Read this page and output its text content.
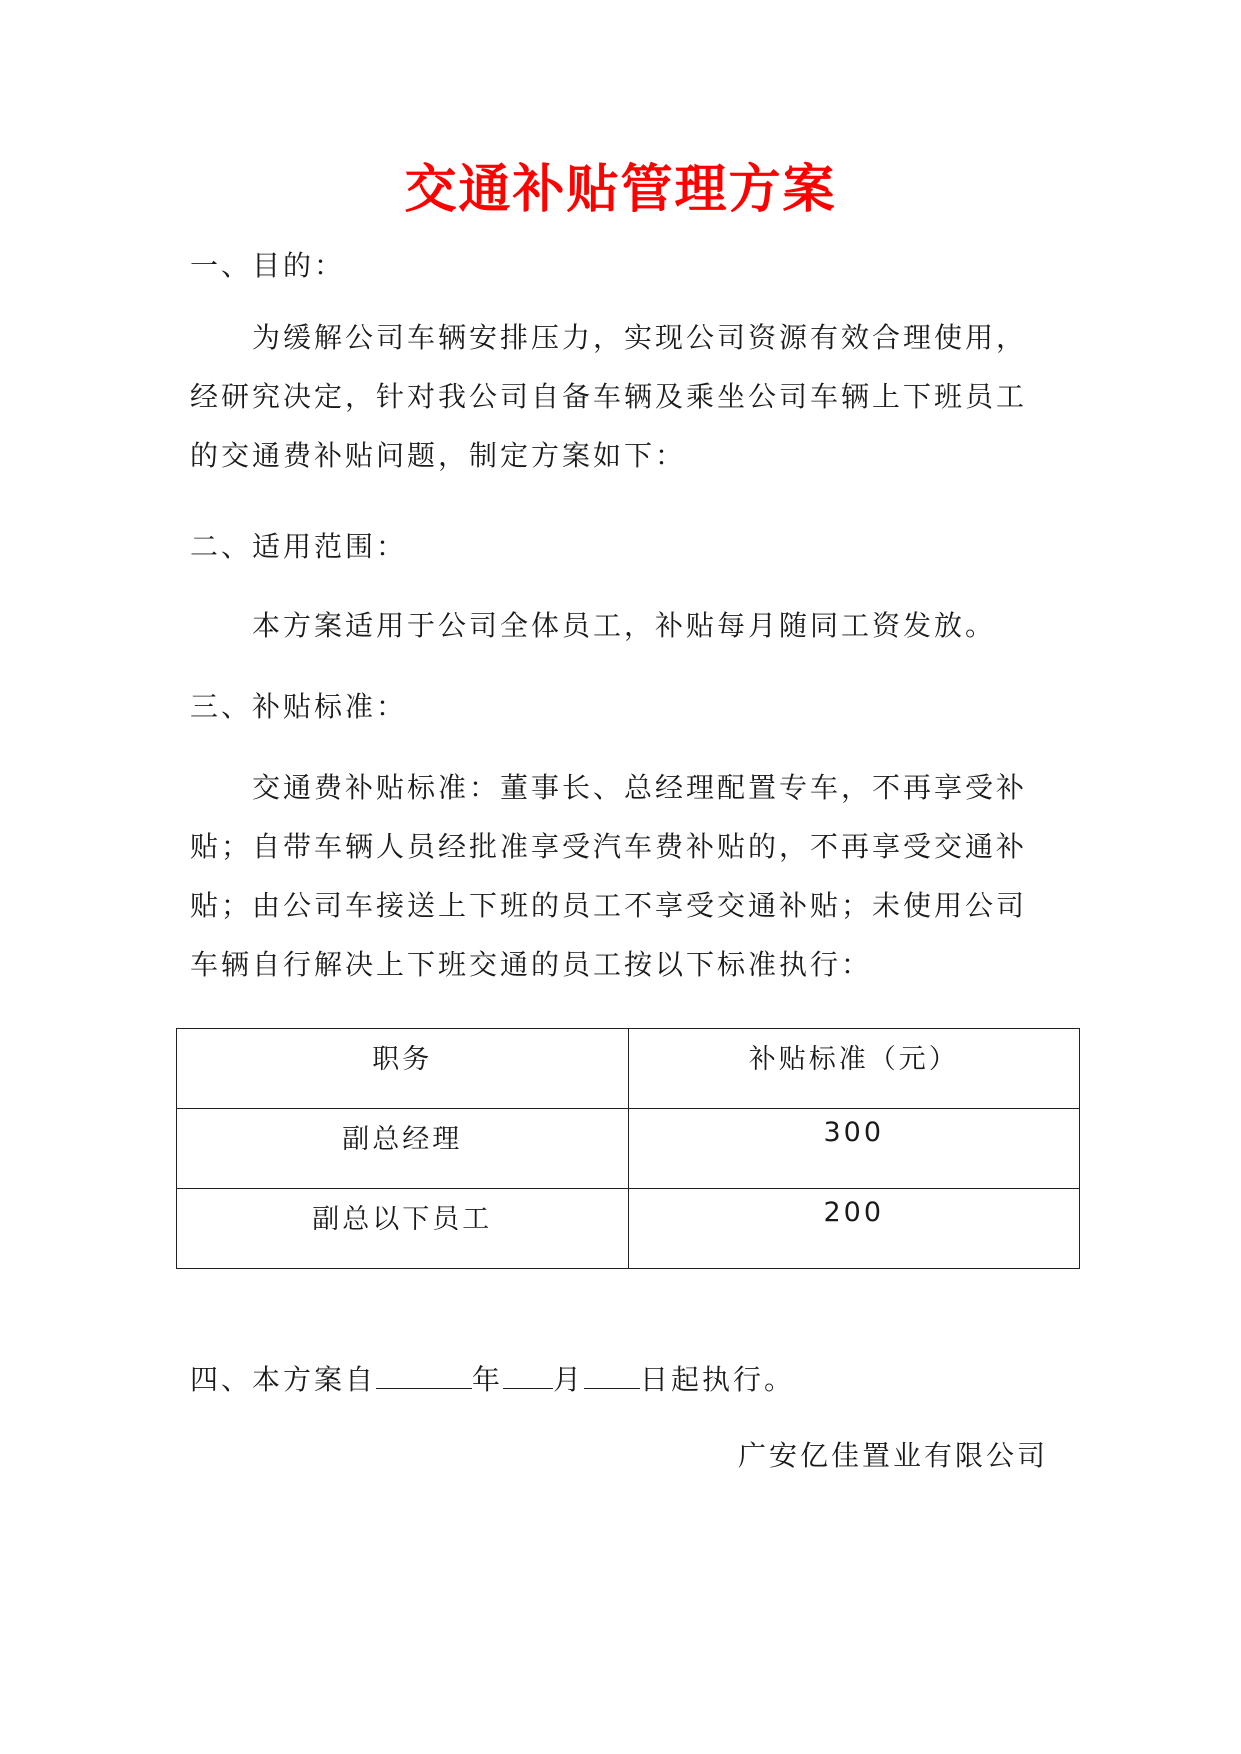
交通补贴管理方案
一、目的：
为缓解公司车辆安排压力，实现公司资源有效合理使用，
经研究决定，针对我公司自备车辆及乘坐公司车辆上下班员工
的交通费补贴问题，制定方案如下：
二、适用范围：
本方案适用于公司全体员工，补贴每月随同工资发放。
三、补贴标准：
交通费补贴标准：董事长、总经理配置专车，不再享受补
贴；自带车辆人员经批准享受汽车费补贴的，不再享受交通补
贴；由公司车接送上下班的员工不享受交通补贴；未使用公司
车辆自行解决上下班交通的员工按以下标准执行：
职务	补贴标准（元）
副总经理	300
副总以下员工	200
四、本方案自	年 月 日起执行。
广安亿佳置业有限公司
